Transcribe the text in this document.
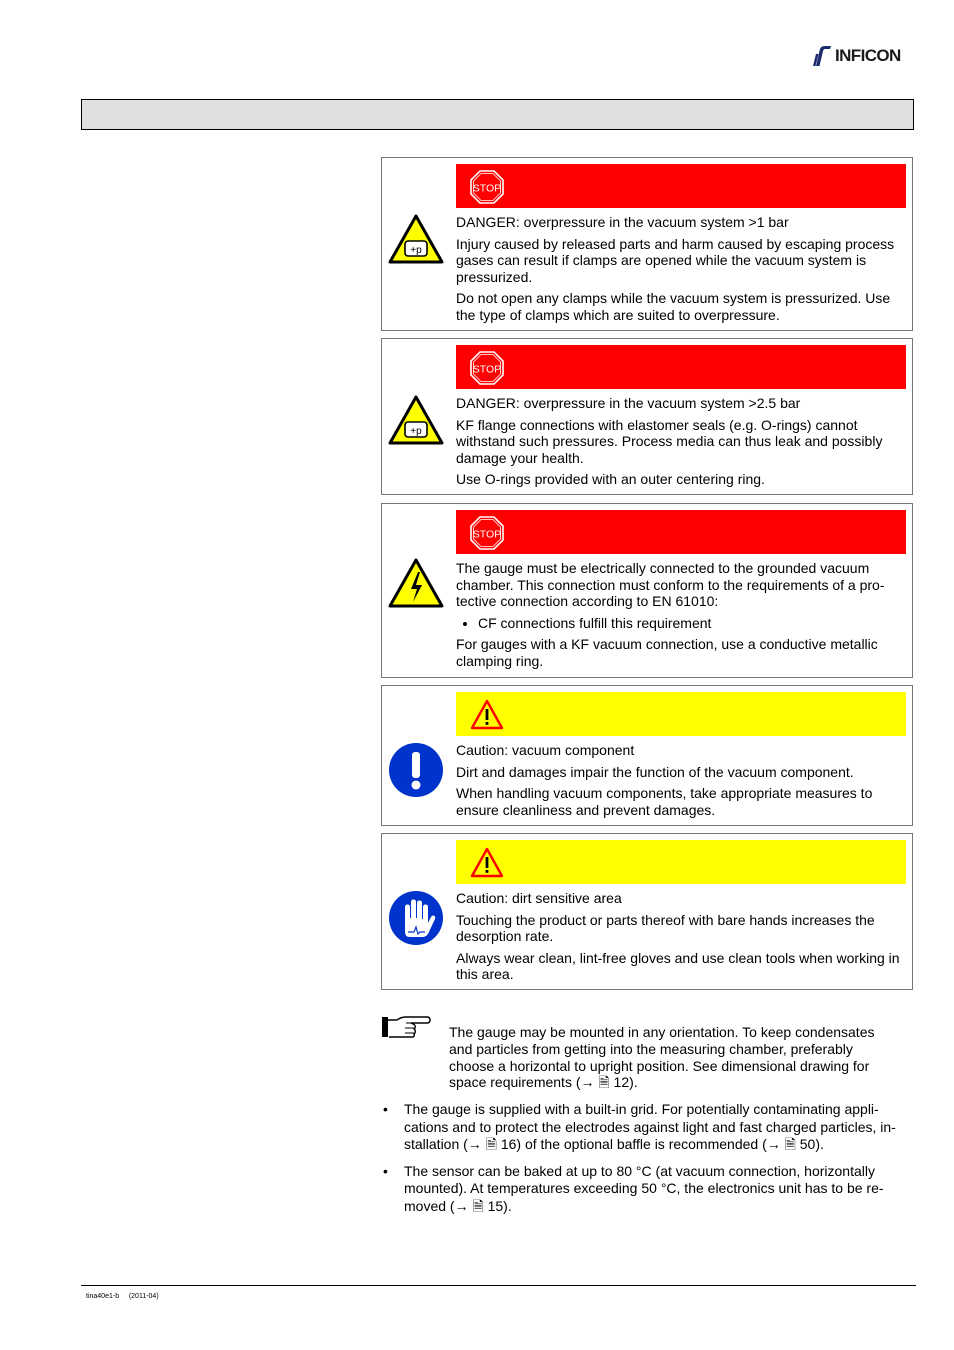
INFICON
STOP
+p

DANGER: overpressure in the vacuum system >1 bar

Injury caused by released parts and harm caused by escaping process gases can result if clamps are opened while the vacuum system is pressurized.

Do not open any clamps while the vacuum system is pressurized. Use the type of clamps which are suited to overpressure.

STOP
+p

DANGER: overpressure in the vacuum system >2.5 bar

KF flange connections with elastomer seals (e.g. O-rings) cannot withstand such pressures. Process media can thus leak and possibly damage your health.

Use O-rings provided with an outer centering ring.

STOP

The gauge must be electrically connected to the grounded vacuum chamber. This connection must conform to the requirements of a pro-tective connection according to EN 61010:

• CF connections fulfill this requirement

For gauges with a KF vacuum connection, use a conductive metallic clamping ring.

Caution: vacuum component

Dirt and damages impair the function of the vacuum component.

When handling vacuum components, take appropriate measures to ensure cleanliness and prevent damages.

Caution: dirt sensitive area

Touching the product or parts thereof with bare hands increases the desorption rate.

Always wear clean, lint-free gloves and use clean tools when working in this area.

The gauge may be mounted in any orientation. To keep condensates and particles from getting into the measuring chamber, preferably choose a horizontal to upright position. See dimensional drawing for space requirements (→ 🗎 12).

• The gauge is supplied with a built-in grid. For potentially contaminating appli-cations and to protect the electrodes against light and fast charged particles, in-stallation (→ 🗎 16) of the optional baffle is recommended (→ 🗎 50).
• The sensor can be baked at up to 80 °C (at vacuum connection, horizontally mounted). At temperatures exceeding 50 °C, the electronics unit has to be re-moved (→ 🗎 15).
tina40e1-b (2011-04)
